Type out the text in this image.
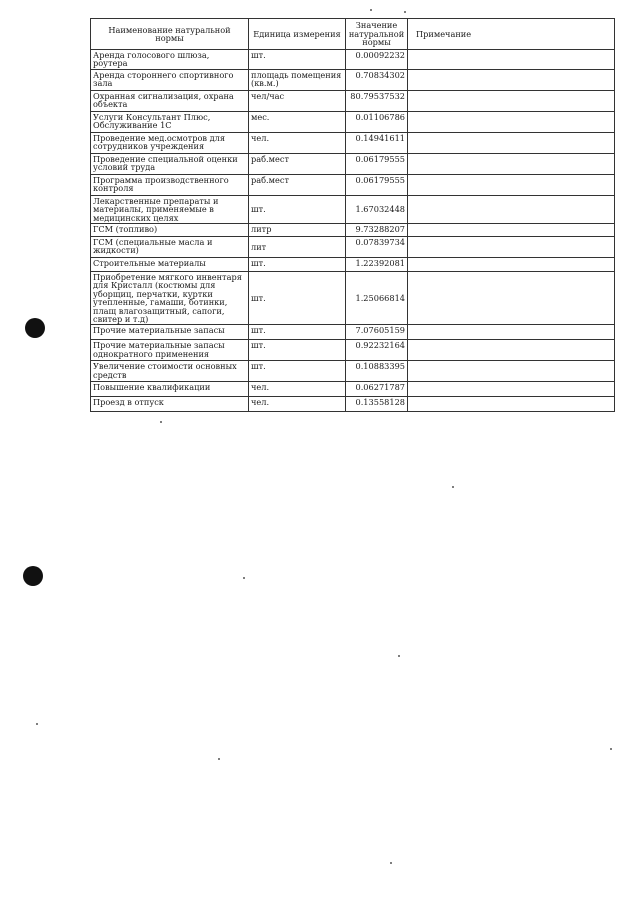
Наименование натуральной нормы	Единица измерения	Значение натуральной нормы	Примечание
Аренда голосового шлюза, роутера	шт.	0.00092232	
Аренда стороннего спортивного зала	площадь помещения (кв.м.)	0.70834302	
Охранная сигнализация, охрана объекта	чел/час	80.79537532	
Услуги Консультант Плюс, Обслуживание 1С	мес.	0.01106786	
Проведение мед.осмотров для сотрудников учреждения	чел.	0.14941611	
Проведение специальной оценки условий труда	раб.мест	0.06179555	
Программа производственного контроля	раб.мест	0.06179555	
Лекарственные препараты и материалы, применяемые в медицинских целях	шт.	1.67032448	
ГСМ (топливо)	литр	9.73288207	
ГСМ (специальные масла и жидкости)	лит	0.07839734	
Строительные материалы	шт.	1.22392081	
Приобретение мягкого инвентаря для Кристалл (костюмы для уборщиц, перчатки, куртки утепленные, гамаши, ботинки, плащ влагозащитный, сапоги, свитер и т.д)	шт.	1.25066814	
Прочие материальные запасы	шт.	7.07605159	
Прочие материальные запасы однократного применения	шт.	0.92232164	
Увеличение стоимости основных средств	шт.	0.10883395	
Повышение квалификации	чел.	0.06271787	
Проезд в отпуск	чел.	0.13558128	
